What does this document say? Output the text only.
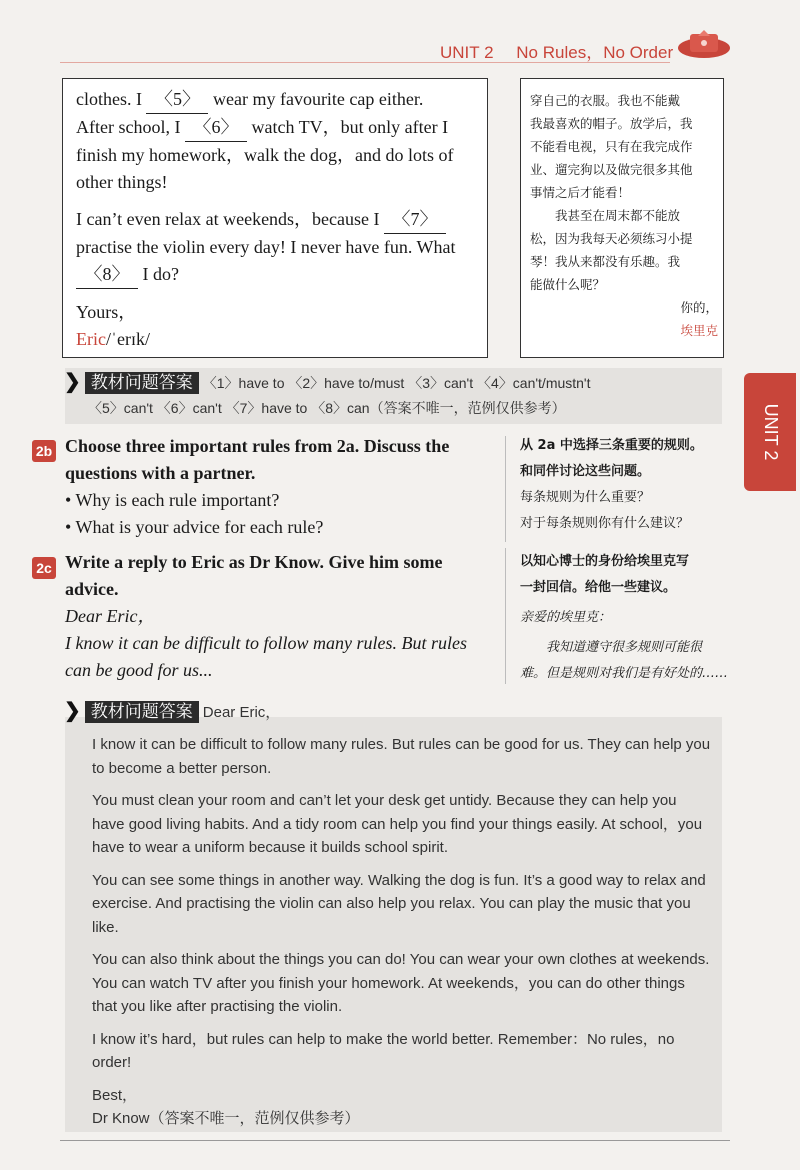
UNIT 2 No Rules，No Order
clothes. I 〈5〉 wear my favourite cap either.
After school, I 〈6〉 watch TV，but only after I
finish my homework，walk the dog，and do lots of
other things!
I can’t even relax at weekends，because I 〈7〉
practise the violin every day! I never have fun. What
〈8〉 I do?
Yours，
Eric/ˈerɪk/
穿自己的衣服。我也不能戴
我最喜欢的帽子。放学后，我
不能看电视，只有在我完成作
业、遛完狗以及做完很多其他
事情之后才能看！
　　我甚至在周末都不能放
松，因为我每天必须练习小提
琴！我从来都没有乐趣。我
能做什么呢？
你的，
埃里克
❯ 教材问题答案 〈1〉have to 〈2〉have to/must 〈3〉can't 〈4〉can't/mustn't
〈5〉can't 〈6〉can't 〈7〉have to 〈8〉can（答案不唯一，范例仅供参考）	UNIT 2
2b Choose three important rules from 2a. Discuss the
questions with a partner.
• Why is each rule important?
• What is your advice for each rule?
从 2a 中选择三条重要的规则。
和同伴讨论这些问题。
每条规则为什么重要？
对于每条规则你有什么建议？
2c Write a reply to Eric as Dr Know. Give him some
advice.
Dear Eric，
I know it can be difficult to follow many rules. But rules
can be good for us...
以知心博士的身份给埃里克写
一封回信。给他一些建议。
亲爱的埃里克：
　　我知道遵守很多规则可能很
难。但是规则对我们是有好处的……
❯ 教材问题答案 Dear Eric，
I know it can be difficult to follow many rules. But rules can be good for us. They can help you to become a better person.
You must clean your room and can’t let your desk get untidy. Because they can help you have good living habits. And a tidy room can help you find your things easily. At school，you have to wear a uniform because it builds school spirit.
You can see some things in another way. Walking the dog is fun. It’s a good way to relax and exercise. And practising the violin can also help you relax. You can play the music that you like.
You can also think about the things you can do! You can wear your own clothes at weekends. You can watch TV after you finish your homework. At weekends，you can do other things that you like after practising the violin.
I know it’s hard，but rules can help to make the world better. Remember：No rules，no order!
Best，
Dr Know（答案不唯一，范例仅供参考）
